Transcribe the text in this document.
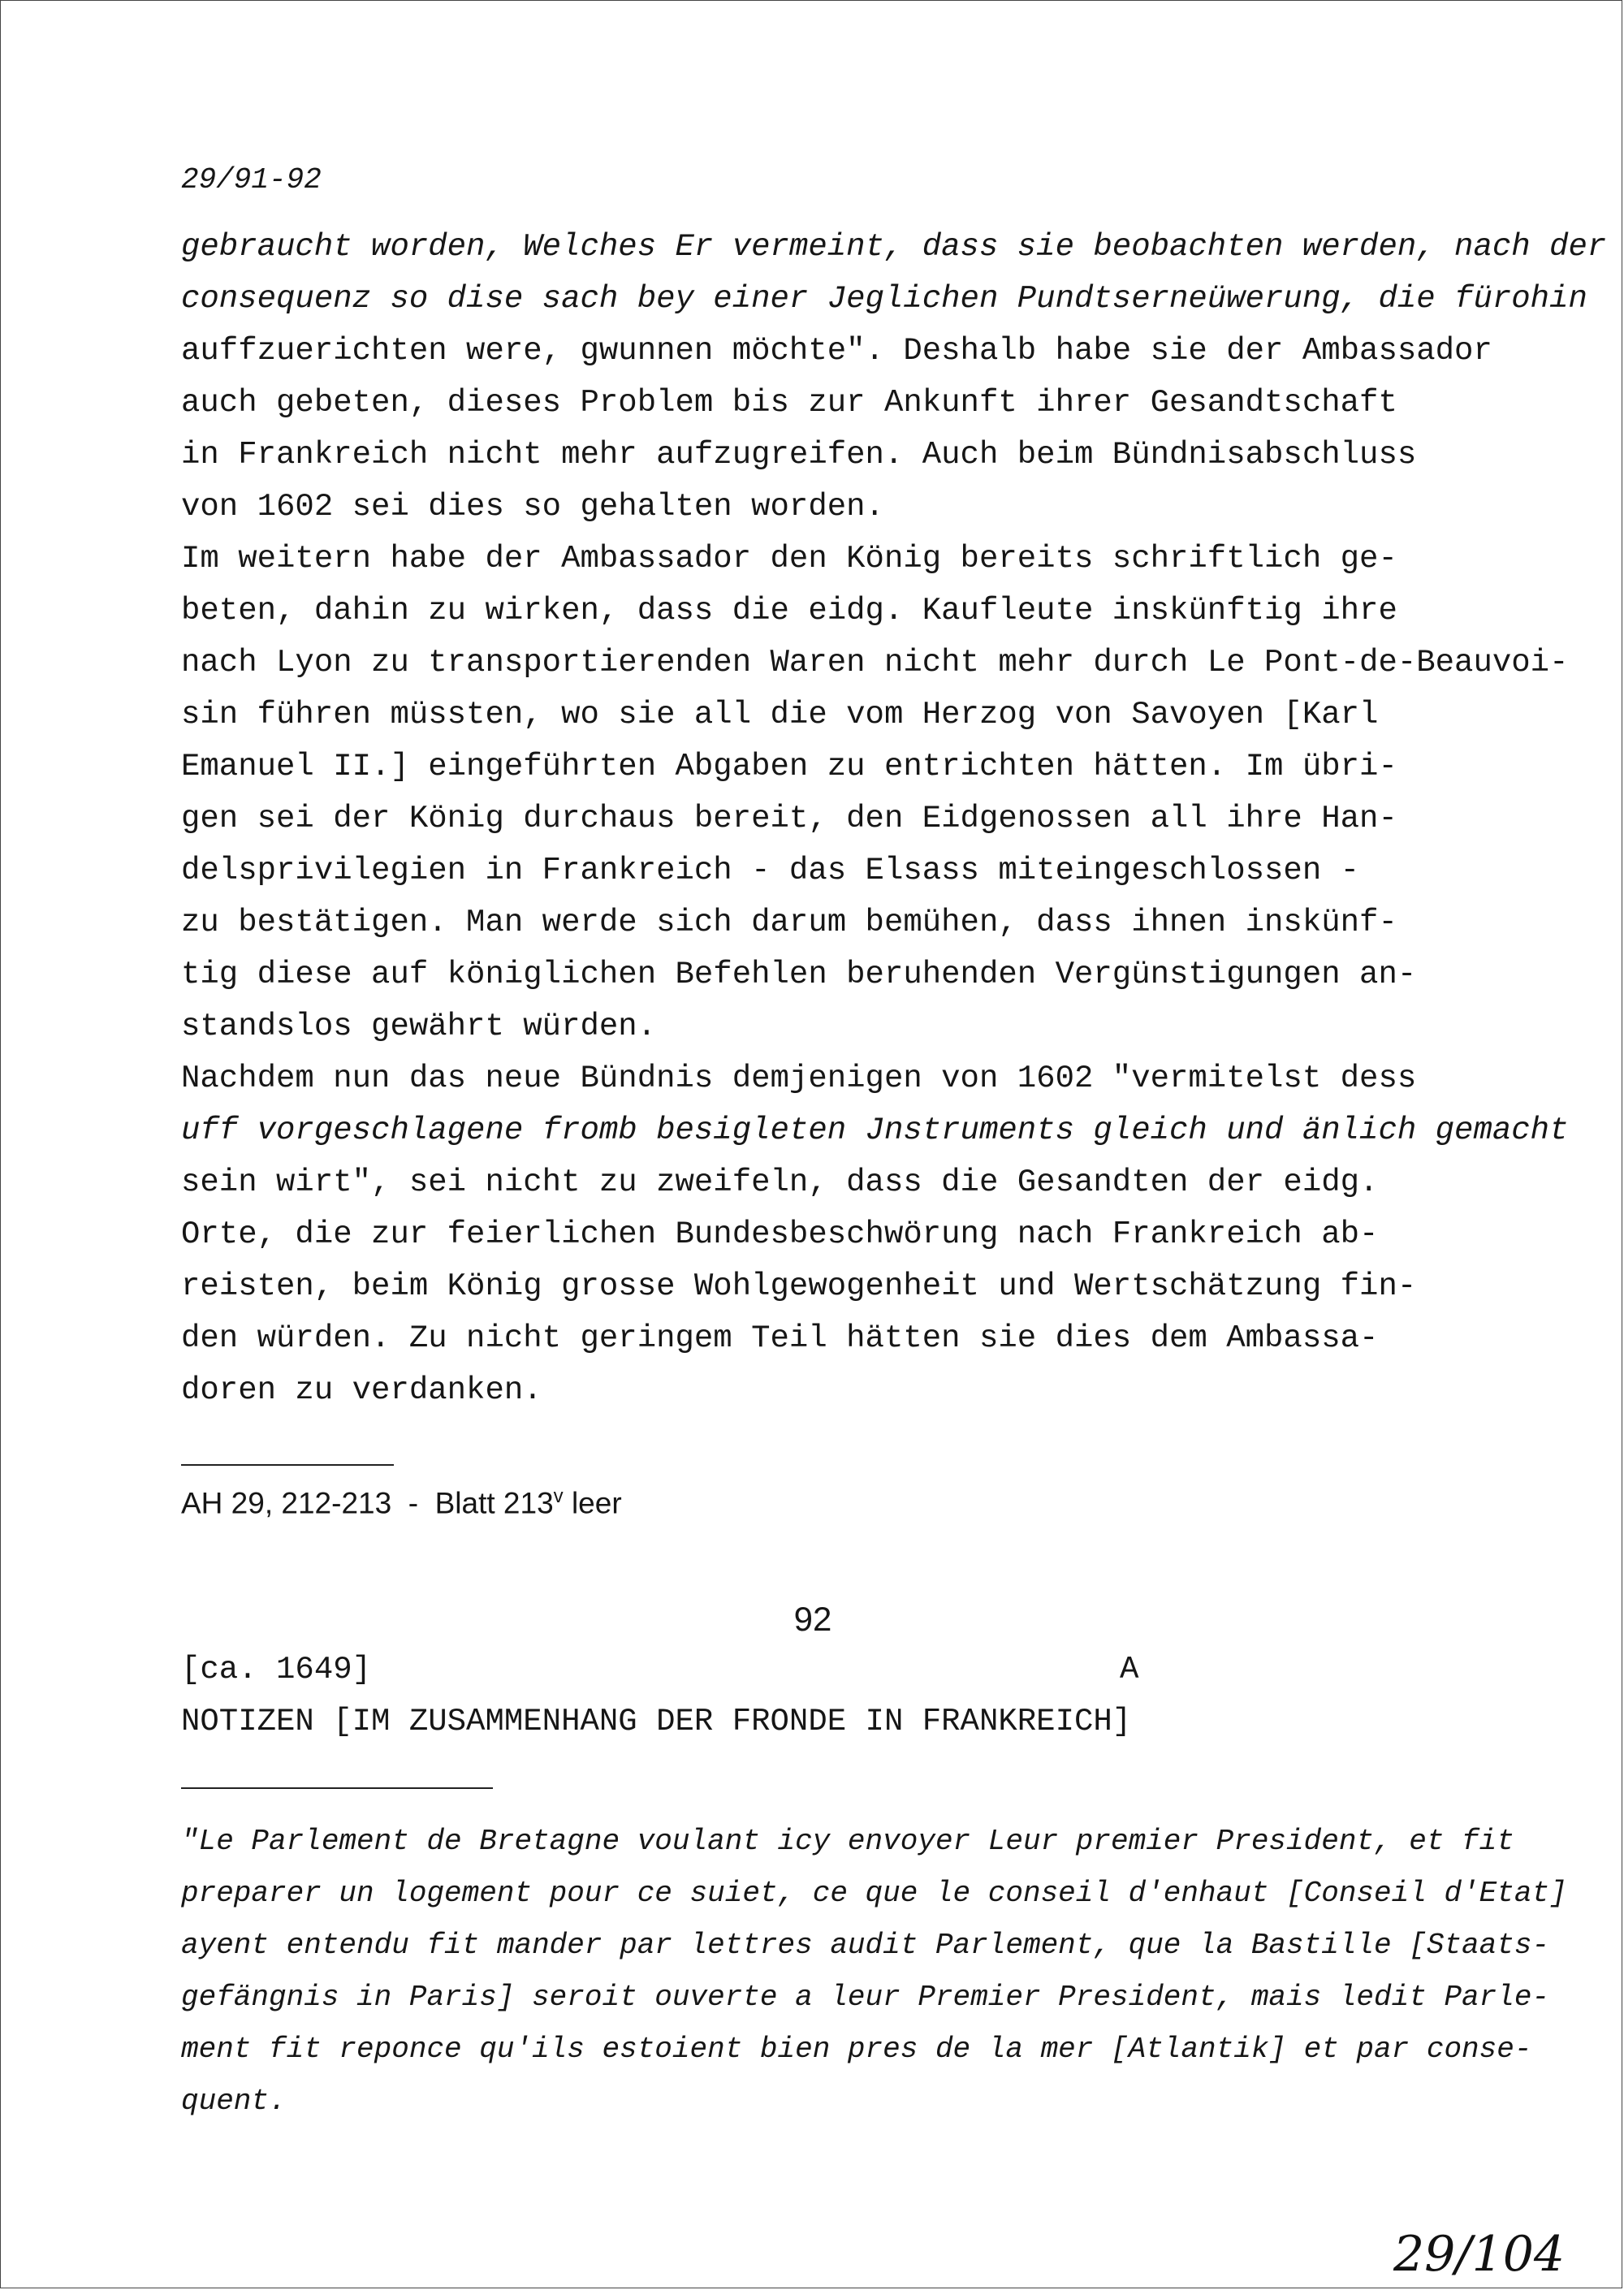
29/91-92
gebraucht worden, Welches Er vermeint, dass sie beobachten werden, nach der
consequenz so dise sach bey einer Jeglichen Pundtserneüwerung, die fürohin
auffzuerichten were, gwunnen möchte". Deshalb habe sie der Ambassador
auch gebeten, dieses Problem bis zur Ankunft ihrer Gesandtschaft
in Frankreich nicht mehr aufzugreifen. Auch beim Bündnisabschluss
von 1602 sei dies so gehalten worden.
Im weitern habe der Ambassador den König bereits schriftlich ge-
beten, dahin zu wirken, dass die eidg. Kaufleute inskünftig ihre
nach Lyon zu transportierenden Waren nicht mehr durch Le Pont-de-Beauvoi-
sin führen müssten, wo sie all die vom Herzog von Savoyen [Karl
Emanuel II.] eingeführten Abgaben zu entrichten hätten. Im übri-
gen sei der König durchaus bereit, den Eidgenossen all ihre Han-
delsprivilegien in Frankreich - das Elsass miteingeschlossen -
zu bestätigen. Man werde sich darum bemühen, dass ihnen inskünf-
tig diese auf königlichen Befehlen beruhenden Vergünstigungen an-
standslos gewährt würden.
Nachdem nun das neue Bündnis demjenigen von 1602 "vermitelst dess
uff vorgeschlagene fromb besigleten Jnstruments gleich und änlich gemacht
sein wirt", sei nicht zu zweifeln, dass die Gesandten der eidg.
Orte, die zur feierlichen Bundesbeschwörung nach Frankreich ab-
reisten, beim König grosse Wohlgewogenheit und Wertschätzung fin-
den würden. Zu nicht geringem Teil hätten sie dies dem Ambassa-
doren zu verdanken.
AH 29, 212-213  -  Blatt 213$^v$ leer
92
[ca. 1649]	A
NOTIZEN [IM ZUSAMMENHANG DER FRONDE IN FRANKREICH]
"Le Parlement de Bretagne voulant icy envoyer Leur premier President, et fit
preparer un logement pour ce suiet, ce que le conseil d'enhaut [Conseil d'Etat]
ayent entendu fit mander par lettres audit Parlement, que la Bastille [Staats-
gefängnis in Paris] seroit ouverte a leur Premier President, mais ledit Parle-
ment fit reponce qu'ils estoient bien pres de la mer [Atlantik] et par conse-
quent.
29/104
